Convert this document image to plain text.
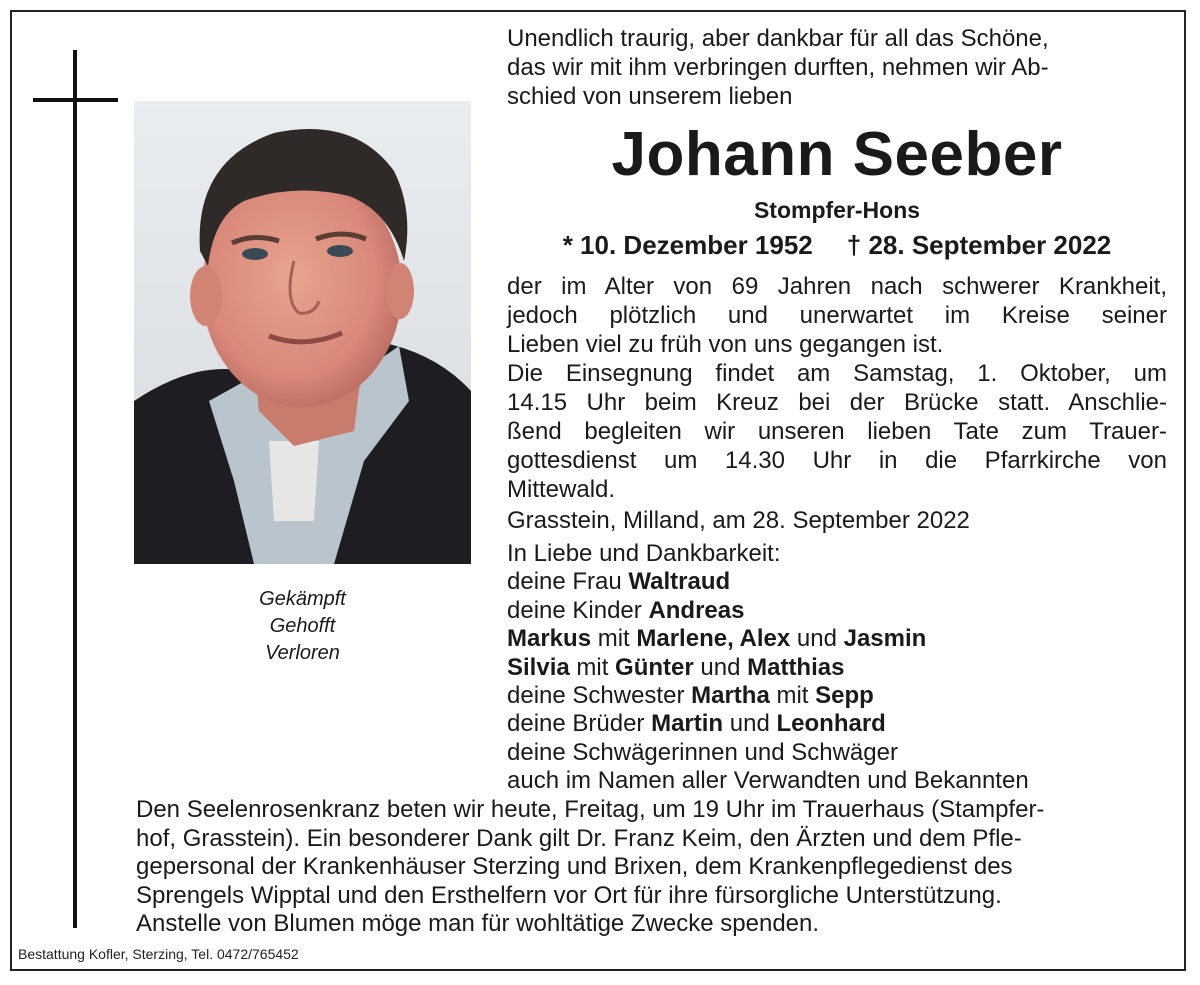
Gekämpft
Gehofft
Verloren
Unendlich traurig, aber dankbar für all das Schöne,
das wir mit ihm verbringen durften, nehmen wir Ab-
schied von unserem lieben
Johann Seeber
Stompfer-Hons
* 10. Dezember 1952 † 28. September 2022
der im Alter von 69 Jahren nach schwerer Krankheit,
jedoch plötzlich und unerwartet im Kreise seiner
Lieben viel zu früh von uns gegangen ist.
Die Einsegnung findet am Samstag, 1. Oktober, um
14.15 Uhr beim Kreuz bei der Brücke statt. Anschlie-
ßend begleiten wir unseren lieben Tate zum Trauer-
gottesdienst um 14.30 Uhr in die Pfarrkirche von
Mittewald.
Grasstein, Milland, am 28. September 2022
In Liebe und Dankbarkeit:
deine Frau Waltraud
deine Kinder Andreas
Markus mit Marlene, Alex und Jasmin
Silvia mit Günter und Matthias
deine Schwester Martha mit Sepp
deine Brüder Martin und Leonhard
deine Schwägerinnen und Schwäger
auch im Namen aller Verwandten und Bekannten
Den Seelenrosenkranz beten wir heute, Freitag, um 19 Uhr im Trauerhaus (Stampfer-
hof, Grasstein). Ein besonderer Dank gilt Dr. Franz Keim, den Ärzten und dem Pfle-
gepersonal der Krankenhäuser Sterzing und Brixen, dem Krankenpflegedienst des
Sprengels Wipptal und den Ersthelfern vor Ort für ihre fürsorgliche Unterstützung.
Anstelle von Blumen möge man für wohltätige Zwecke spenden.
Bestattung Kofler, Sterzing, Tel. 0472/765452
